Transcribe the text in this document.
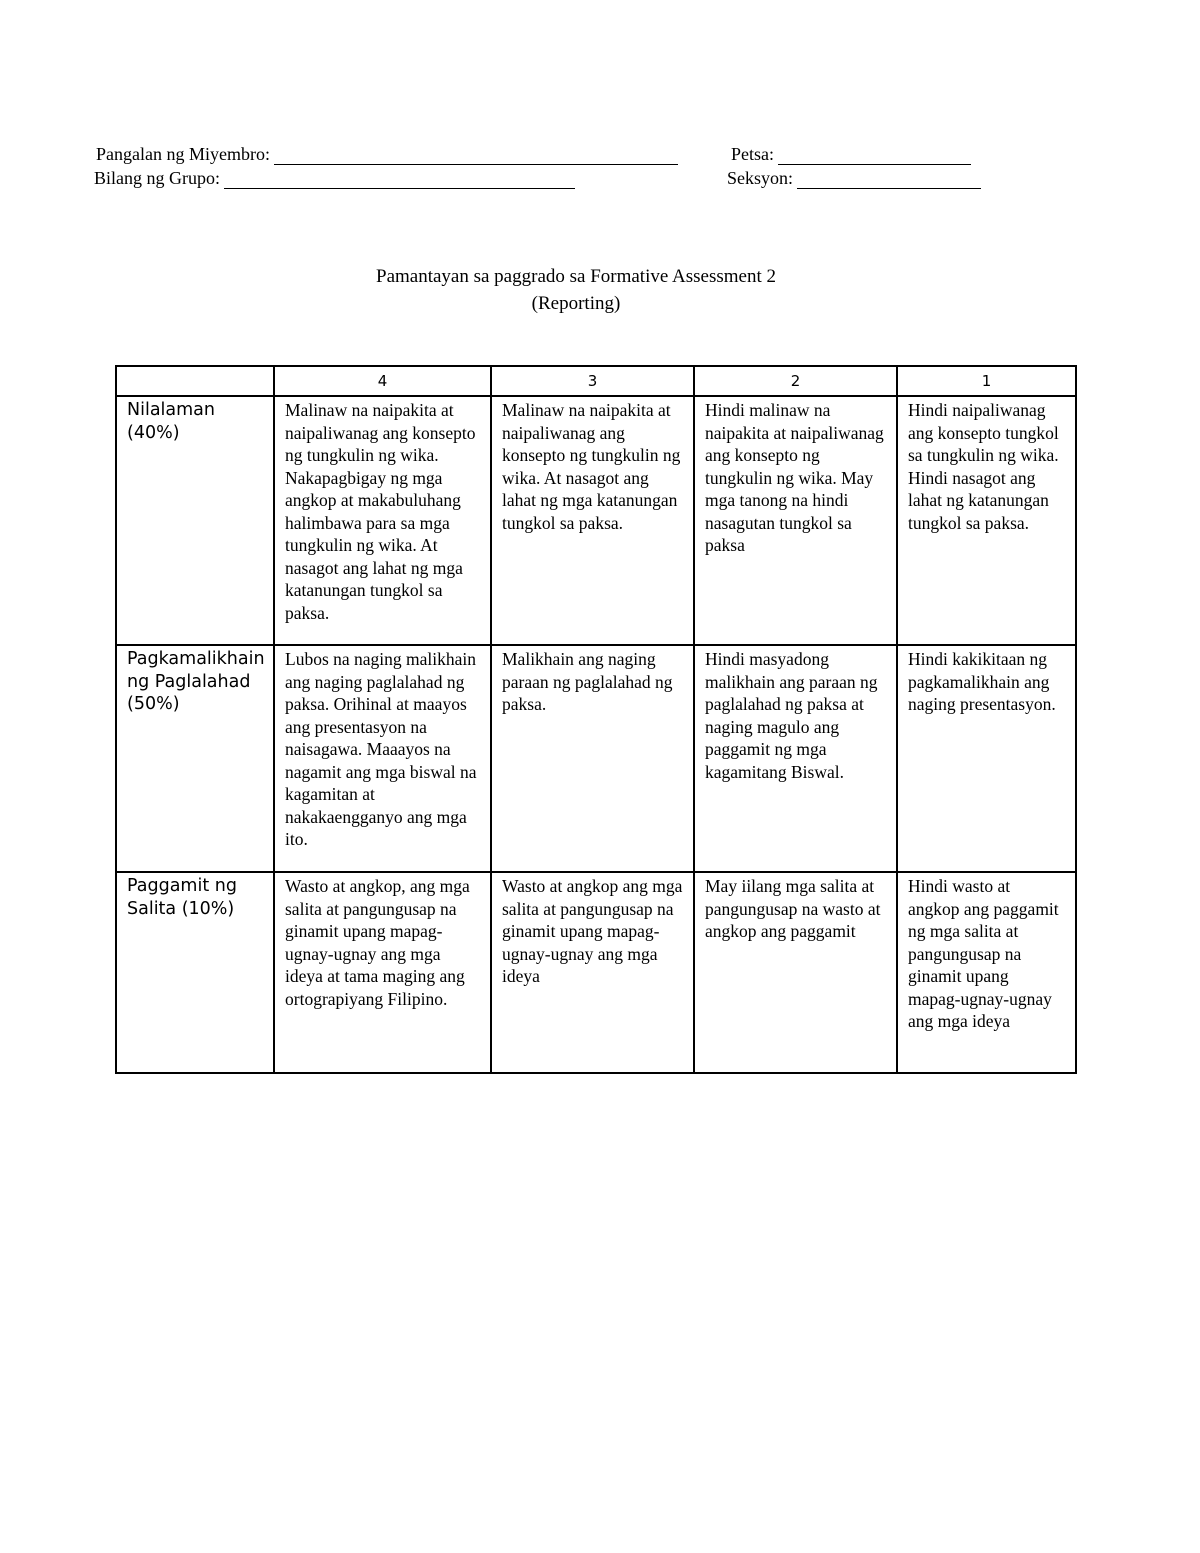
Pangalan ng Miyembro:	Petsa:
Bilang ng Grupo:	Seksyon:
Pamantayan sa paggrado sa Formative Assessment 2
(Reporting)
	4	3	2	1

Nilalaman
(40%)	Malinaw na naipakita at naipaliwanag ang konsepto ng tungkulin ng wika. Nakapagbigay ng mga angkop at makabuluhang halimbawa para sa mga tungkulin ng wika. At nasagot ang lahat ng mga katanungan tungkol sa paksa.	Malinaw na naipakita at naipaliwanag ang konsepto ng tungkulin ng wika. At nasagot ang lahat ng mga katanungan tungkol sa paksa.	Hindi malinaw na naipakita at naipaliwanag ang konsepto ng tungkulin ng wika. May mga tanong na hindi nasagutan tungkol sa paksa	Hindi naipaliwanag ang konsepto tungkol sa tungkulin ng wika. Hindi nasagot ang lahat ng katanungan tungkol sa paksa.

Pagkamalikhain
ng Paglalahad
(50%)	Lubos na naging malikhain ang naging paglalahad ng paksa. Orihinal at maayos ang presentasyon na naisagawa. Maaayos na nagamit ang mga biswal na kagamitan at nakakaengganyo ang mga ito.	Malikhain ang naging paraan ng paglalahad ng paksa.	Hindi masyadong malikhain ang paraan ng paglalahad ng paksa at naging magulo ang paggamit ng mga kagamitang Biswal.	Hindi kakikitaan ng pagkamalikhain ang naging presentasyon.

Paggamit ng
Salita (10%)	Wasto at angkop, ang mga salita at pangungusap na ginamit upang mapag-ugnay-ugnay ang mga ideya at tama maging ang ortograpiyang Filipino.	Wasto at angkop ang mga salita at pangungusap na ginamit upang mapag-ugnay-ugnay ang mga ideya	May iilang mga salita at pangungusap na wasto at angkop ang paggamit	Hindi wasto at angkop ang paggamit ng mga salita at pangungusap na ginamit upang mapag-ugnay-ugnay ang mga ideya
